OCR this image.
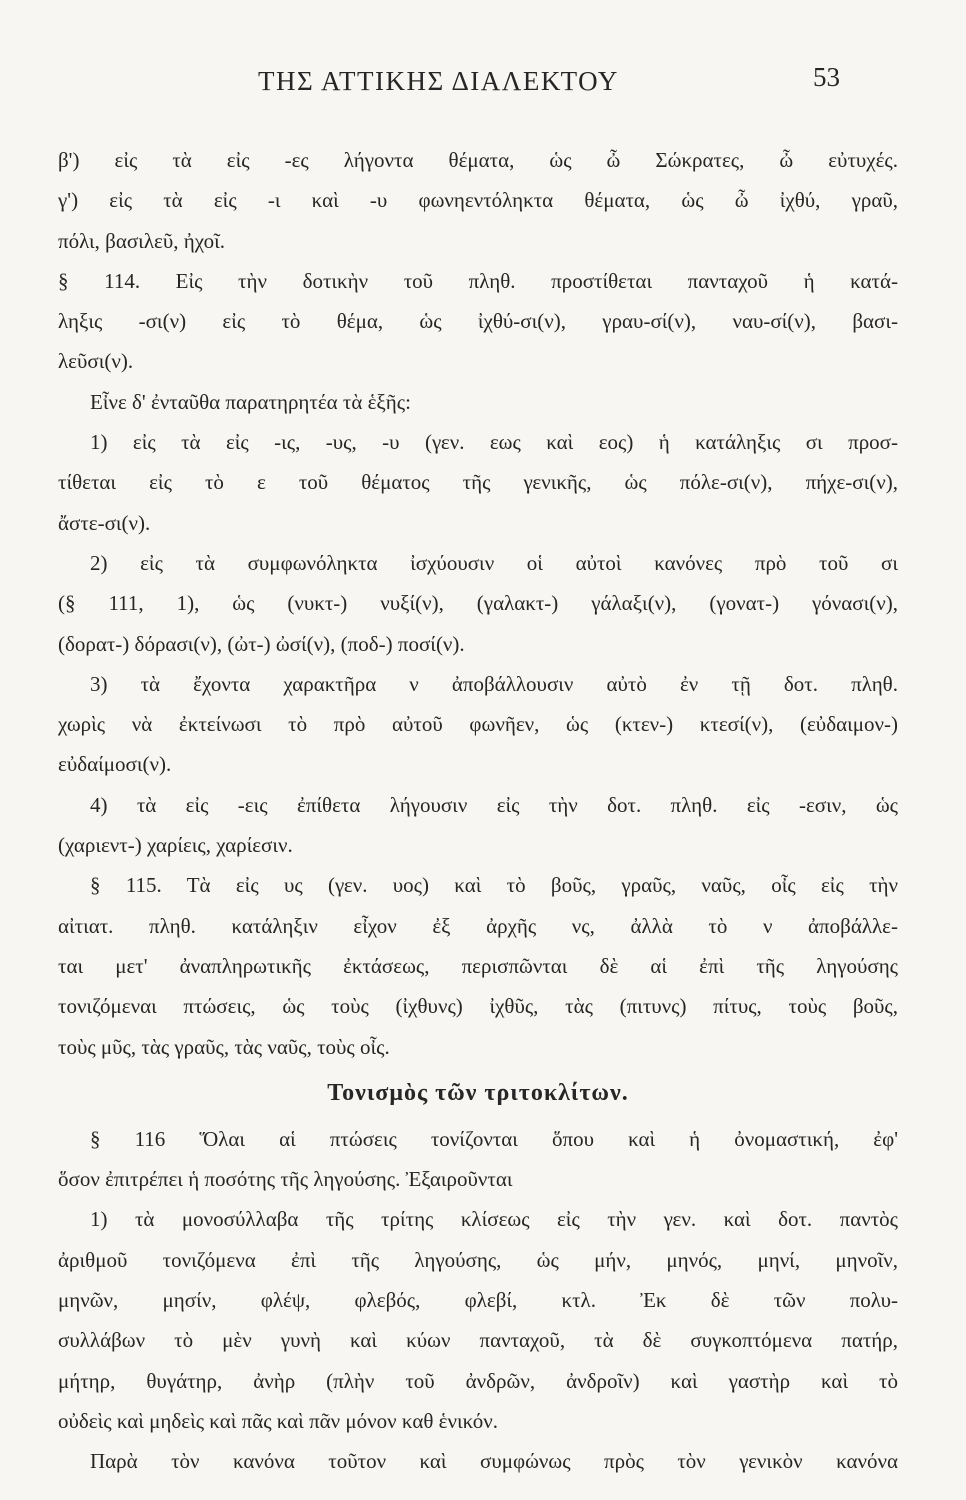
ΤΗΣ ΑΤΤΙΚΗΣ ΔΙΑΛΕΚΤΟΥ	53
β') εἰς τὰ εἰς -ες λήγοντα θέματα, ὡς ὦ Σώκρατες, ὦ εὐτυχές.
γ') εἰς τὰ εἰς -ι καὶ -υ φωνηεντόληκτα θέματα, ὡς ὦ ἰχθύ, γραῦ,
πόλι, βασιλεῦ, ἠχοῖ.
§ 114. Εἰς τὴν δοτικὴν τοῦ πληθ. προστίθεται πανταχοῦ ἡ κατά-
ληξις -σι(ν) εἰς τὸ θέμα, ὡς ἰχθύ-σι(ν), γραυ-σί(ν), ναυ-σί(ν), βασι-
λεῦσι(ν).
Εἶνε δ' ἐνταῦθα παρατηρητέα τὰ ἑξῆς:
1) εἰς τὰ εἰς -ις, -υς, -υ (γεν. εως καὶ εος) ἡ κατάληξις σι προσ-
τίθεται εἰς τὸ ε τοῦ θέματος τῆς γενικῆς, ὡς πόλε-σι(ν), πήχε-σι(ν),
ἄστε-σι(ν).
2) εἰς τὰ συμφωνόληκτα ἰσχύουσιν οἱ αὐτοὶ κανόνες πρὸ τοῦ σι
(§ 111, 1), ὡς (νυκτ-) νυξί(ν), (γαλακτ-) γάλαξι(ν), (γονατ-) γόνασι(ν),
(δορατ-) δόρασι(ν), (ὠτ-) ὠσί(ν), (ποδ-) ποσί(ν).
3) τὰ ἔχοντα χαρακτῆρα ν ἀποβάλλουσιν αὐτὸ ἐν τῇ δοτ. πληθ.
χωρὶς νὰ ἐκτείνωσι τὸ πρὸ αὐτοῦ φωνῆεν, ὡς (κτεν-) κτεσί(ν), (εὐδαιμον-)
εὐδαίμοσι(ν).
4) τὰ εἰς -εις ἐπίθετα λήγουσιν εἰς τὴν δοτ. πληθ. εἰς -εσιν, ὡς
(χαριεντ-) χαρίεις, χαρίεσιν.
§ 115. Τὰ εἰς υς (γεν. υος) καὶ τὸ βοῦς, γραῦς, ναῦς, οἶς εἰς τὴν
αἰτιατ. πληθ. κατάληξιν εἶχον ἐξ ἀρχῆς νς, ἀλλὰ τὸ ν ἀποβάλλε-
ται μετ' ἀναπληρωτικῆς ἐκτάσεως, περισπῶνται δὲ αἱ ἐπὶ τῆς ληγούσης
τονιζόμεναι πτώσεις, ὡς τοὺς (ἰχθυνς) ἰχθῦς, τὰς (πιτυνς) πίτυς, τοὺς βοῦς,
τοὺς μῦς, τὰς γραῦς, τὰς ναῦς, τοὺς οἶς.
Τονισμὸς τῶν τριτοκλίτων.
§ 116 Ὅλαι αἱ πτώσεις τονίζονται ὅπου καὶ ἡ ὀνομαστική, ἐφ'
ὅσον ἐπιτρέπει ἡ ποσότης τῆς ληγούσης. Ἐξαιροῦνται
1) τὰ μονοσύλλαβα τῆς τρίτης κλίσεως εἰς τὴν γεν. καὶ δοτ. παντὸς
ἀριθμοῦ τονιζόμενα ἐπὶ τῆς ληγούσης, ὡς μήν, μηνός, μηνί, μηνοῖν,
μηνῶν, μησίν, φλέψ, φλεβός, φλεβί, κτλ. Ἐκ δὲ τῶν πολυ-
συλλάβων τὸ μὲν γυνὴ καὶ κύων πανταχοῦ, τὰ δὲ συγκοπτόμενα πατήρ,
μήτηρ, θυγάτηρ, ἀνὴρ (πλὴν τοῦ ἀνδρῶν, ἀνδροῖν) καὶ γαστὴρ καὶ τὸ
οὐδεὶς καὶ μηδεὶς καὶ πᾶς καὶ πᾶν μόνον καθ ἑνικόν.
Παρὰ τὸν κανόνα τοῦτον καὶ συμφώνως πρὸς τὸν γενικὸν κανόνα
